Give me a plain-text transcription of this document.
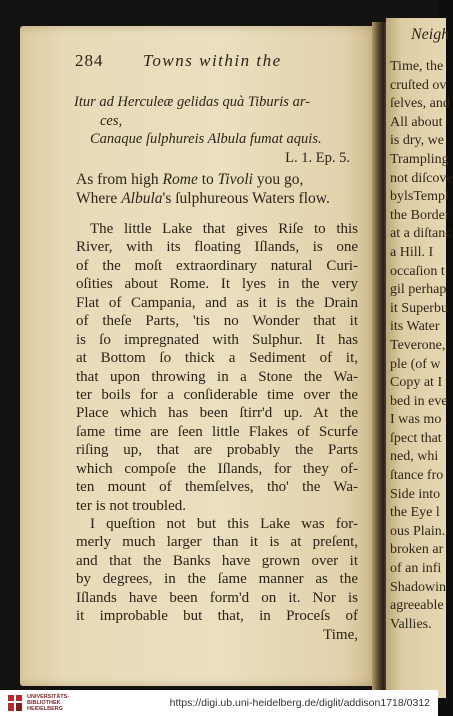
Neigh
Time, the
cruſted ov
ſelves, and
All about
is dry, we
Trampling
not diſcove
bylsTempl
the Border
at a diſtanc
a Hill. I
occaſion t
gil perhap
it Superbu
its Water
Teverone,
ple (of w
Copy at I
bed in eve
I was mo
ſpect that
ned, whi
ſtance fro
Side into
the Eye l
ous Plain.
broken ar
of an infi
Shadowin
agreeable
Vallies.
284 Towns within the
Itur ad Herculeæ gelidas quà Tiburis ar-
ces,
Canaque ſulphureis Albula fumat aquis.
L. 1. Ep. 5.
As from high Rome to Tivoli you go,
Where Albula's ſulphureous Waters flow.
The little Lake that gives Riſe to this
River, with its floating Iſlands, is one
of the moſt extraordinary natural Curi-
oſities about Rome. It lyes in the very
Flat of Campania, and as it is the Drain
of theſe Parts, 'tis no Wonder that it
is ſo impregnated with Sulphur. It has
at Bottom ſo thick a Sediment of it,
that upon throwing in a Stone the Wa-
ter boils for a conſiderable time over the
Place which has been ſtirr'd up. At the
ſame time are ſeen little Flakes of Scurfe
riſing up, that are probably the Parts
which compoſe the Iſlands, for they of-
ten mount of themſelves, tho' the Wa-
ter is not troubled.
I queſtion not but this Lake was for-
merly much larger than it is at preſent,
and that the Banks have grown over it
by degrees, in the ſame manner as the
Iſlands have been form'd on it. Nor is
it improbable but that, in Proceſs of
Time,
UNIVERSITÄTS-
BIBLIOTHEK
HEIDELBERG	https://digi.ub.uni-heidelberg.de/diglit/addison1718/0312
